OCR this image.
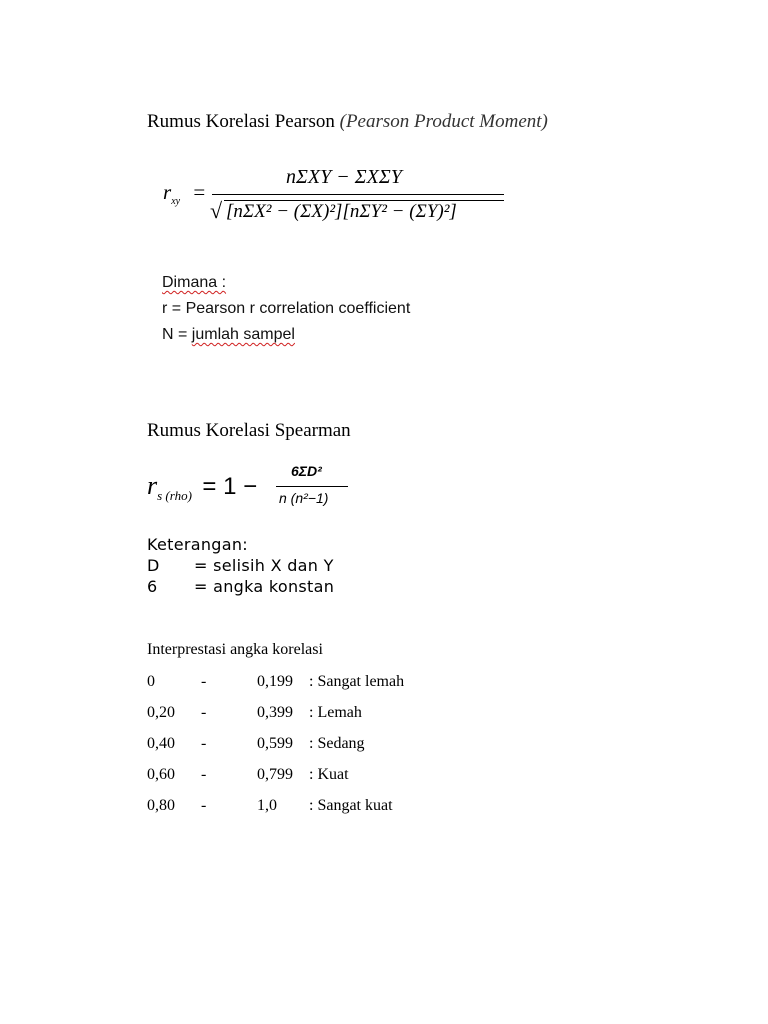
Rumus Korelasi Pearson (Pearson Product Moment)
$r_{xy}$ =
nΣXY − ΣXΣY
√ [nΣX² − (ΣX)²][nΣY² − (ΣY)²]
Dimana :
r = Pearson r correlation coefficient
N = jumlah sampel
Rumus Korelasi Spearman
$r_{s (rho)} = 1$ −
6ΣD²
n (n²−1)
Keterangan:
D = selisih X dan Y
6 = angka konstan
Interprestasi angka korelasi
0	-	0,199 : Sangat lemah
0,20 -	0,399 : Lemah
0,40 -	0,599 : Sedang
0,60 -	0,799 : Kuat
0,80 -	1,0 : Sangat kuat
